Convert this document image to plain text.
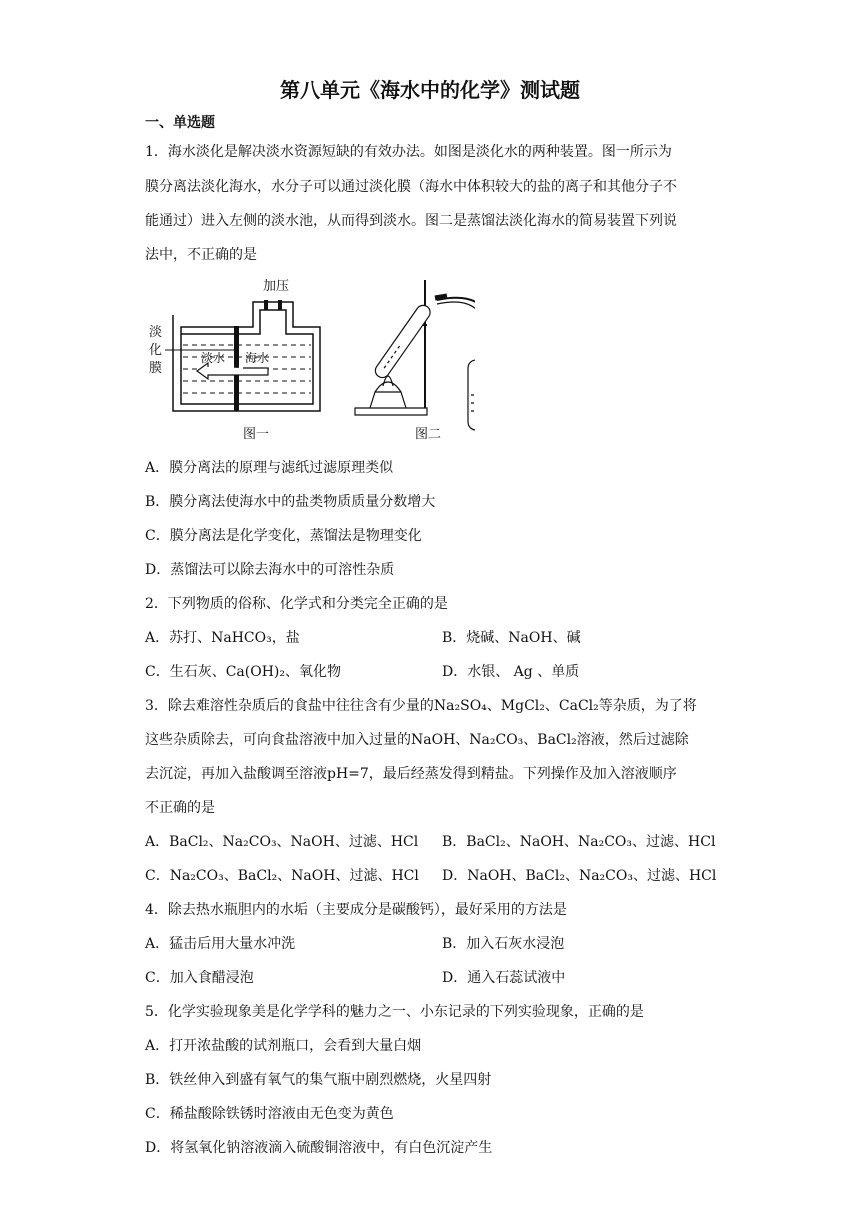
第八单元《海水中的化学》测试题
一、单选题
1．海水淡化是解决淡水资源短缺的有效办法。如图是淡化水的两种装置。图一所示为
膜分离法淡化海水，水分子可以通过淡化膜（海水中体积较大的盐的离子和其他分子不
能通过）进入左侧的淡水池，从而得到淡水。图二是蒸馏法淡化海水的简易装置下列说
法中，不正确的是
加压
淡
化
膜
淡水 海水
图一	图二
A．膜分离法的原理与滤纸过滤原理类似
B．膜分离法使海水中的盐类物质质量分数增大
C．膜分离法是化学变化，蒸馏法是物理变化
D．蒸馏法可以除去海水中的可溶性杂质
2．下列物质的俗称、化学式和分类完全正确的是
A．苏打、NaHCO₃，盐	B．烧碱、NaOH、碱
C．生石灰、Ca(OH)₂、氧化物	D．水银、 Ag 、单质
3．除去难溶性杂质后的食盐中往往含有少量的Na₂SO₄、MgCl₂、CaCl₂等杂质，为了将
这些杂质除去，可向食盐溶液中加入过量的NaOH、Na₂CO₃、BaCl₂溶液，然后过滤除
去沉淀，再加入盐酸调至溶液pH=7，最后经蒸发得到精盐。下列操作及加入溶液顺序
不正确的是
A．BaCl₂、Na₂CO₃、NaOH、过滤、HCl B．BaCl₂、NaOH、Na₂CO₃、过滤、HCl
C．Na₂CO₃、BaCl₂、NaOH、过滤、HCl D．NaOH、BaCl₂、Na₂CO₃、过滤、HCl
4．除去热水瓶胆内的水垢（主要成分是碳酸钙），最好采用的方法是
A．猛击后用大量水冲洗	B．加入石灰水浸泡
C．加入食醋浸泡	D．通入石蕊试液中
5．化学实验现象美是化学学科的魅力之一、小东记录的下列实验现象，正确的是
A．打开浓盐酸的试剂瓶口，会看到大量白烟
B．铁丝伸入到盛有氧气的集气瓶中剧烈燃烧，火星四射
C．稀盐酸除铁锈时溶液由无色变为黄色
D．将氢氧化钠溶液滴入硫酸铜溶液中，有白色沉淀产生
